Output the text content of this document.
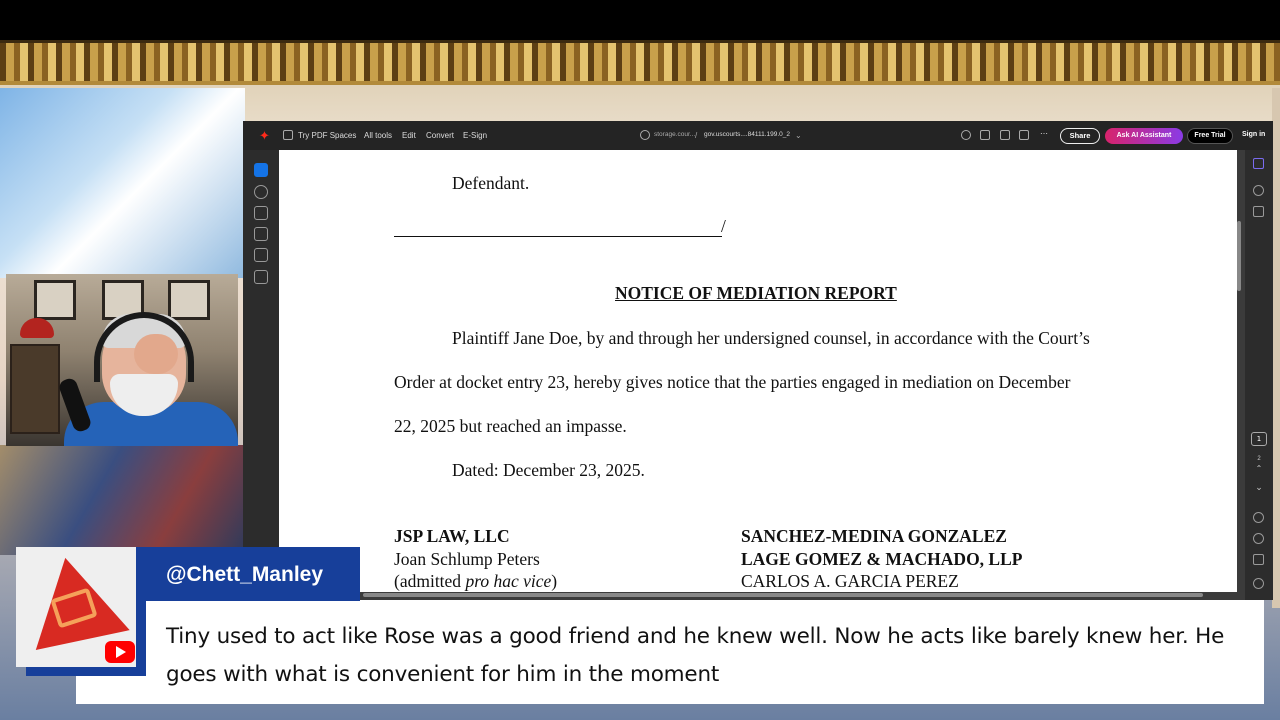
✦	Try PDF Spaces All tools Edit Convert E-Sign	storage.cour... / gov.uscourts....84111.199.0_2 ⌄	⋯	Share	Ask AI Assistant	Free Trial	Sign in
Defendant.
/
NOTICE OF MEDIATION REPORT
Plaintiff Jane Doe, by and through her undersigned counsel, in accordance with the Court’s
Order at docket entry 23, hereby gives notice that the parties engaged in mediation on December
22, 2025 but reached an impasse.
Dated: December 23, 2025.
JSP LAW, LLC
Joan Schlump Peters
(admitted pro hac vice)
SANCHEZ-MEDINA GONZALEZ
LAGE GOMEZ & MACHADO, LLP
CARLOS A. GARCIA PEREZ
1
2
⌃
⌄
Tiny used to act like Rose was a good friend and he knew well. Now he acts like barely knew her. He goes with what is convenient for him in the moment
@Chett_Manley
